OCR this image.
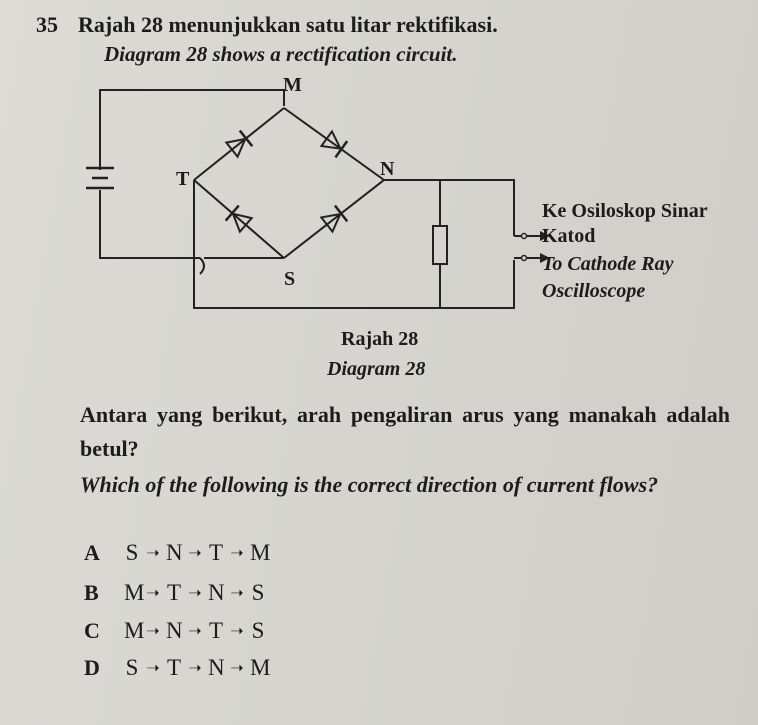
35 Rajah 28 menunjukkan satu litar rektifikasi.
Diagram 28 shows a rectification circuit.
M
T	N
S
Ke Osiloskop Sinar
Katod
To Cathode Ray
Oscilloscope
Rajah 28
Diagram 28
Antara yang berikut, arah pengaliran arus yang manakah adalah betul?
Which of the following is the correct direction of current flows?
A	S ➝ N ➝ T ➝ M
B	M ➝ T ➝ N ➝ S
C	M ➝ N ➝ T ➝ S
D	S ➝ T ➝ N ➝ M
